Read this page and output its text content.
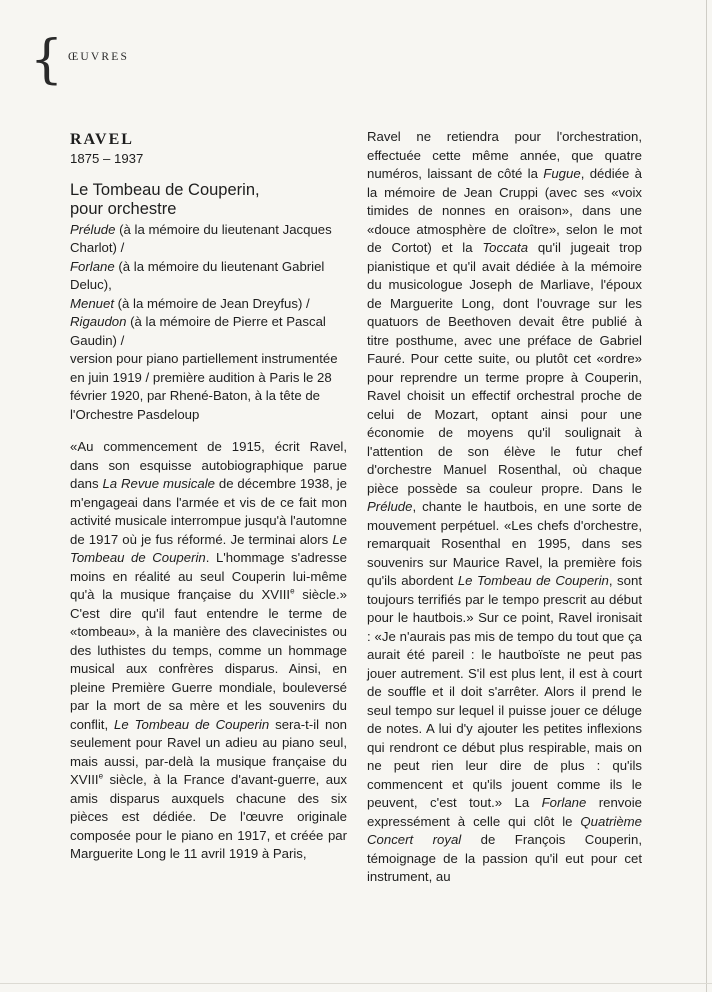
{ ŒUVRES
RAVEL
1875 – 1937
Le Tombeau de Couperin,
pour orchestre
Prélude (à la mémoire du lieutenant Jacques Charlot) /
Forlane (à la mémoire du lieutenant Gabriel Deluc),
Menuet (à la mémoire de Jean Dreyfus) /
Rigaudon (à la mémoire de Pierre et Pascal Gaudin) /
version pour piano partiellement instrumentée en juin 1919 / première audition à Paris le 28 février 1920, par Rhené-Baton, à la tête de l'Orchestre Pasdeloup

«Au commencement de 1915, écrit Ravel, dans son esquisse autobiographique parue dans La Revue musicale de décembre 1938, je m'engageai dans l'armée et vis de ce fait mon activité musicale interrompue jusqu'à l'automne de 1917 où je fus réformé. Je terminai alors Le Tombeau de Couperin. L'hommage s'adresse moins en réalité au seul Couperin lui-même qu'à la musique française du XVIIIe siècle.» C'est dire qu'il faut entendre le terme de «tombeau», à la manière des clavecinistes ou des luthistes du temps, comme un hommage musical aux confrères disparus. Ainsi, en pleine Première Guerre mondiale, bouleversé par la mort de sa mère et les souvenirs du conflit, Le Tombeau de Couperin sera-t-il non seulement pour Ravel un adieu au piano seul, mais aussi, par-delà la musique française du XVIIIe siècle, à la France d'avant-guerre, aux amis disparus auxquels chacune des six pièces est dédiée. De l'œuvre originale composée pour le piano en 1917, et créée par Marguerite Long le 11 avril 1919 à Paris,

Ravel ne retiendra pour l'orchestration, effectuée cette même année, que quatre numéros, laissant de côté la Fugue, dédiée à la mémoire de Jean Cruppi (avec ses «voix timides de nonnes en oraison», dans une «douce atmosphère de cloître», selon le mot de Cortot) et la Toccata qu'il jugeait trop pianistique et qu'il avait dédiée à la mémoire du musicologue Joseph de Marliave, l'époux de Marguerite Long, dont l'ouvrage sur les quatuors de Beethoven devait être publié à titre posthume, avec une préface de Gabriel Fauré. Pour cette suite, ou plutôt cet «ordre» pour reprendre un terme propre à Couperin, Ravel choisit un effectif orchestral proche de celui de Mozart, optant ainsi pour une économie de moyens qu'il soulignait à l'attention de son élève le futur chef d'orchestre Manuel Rosenthal, où chaque pièce possède sa couleur propre. Dans le Prélude, chante le hautbois, en une sorte de mouvement perpétuel. «Les chefs d'orchestre, remarquait Rosenthal en 1995, dans ses souvenirs sur Maurice Ravel, la première fois qu'ils abordent Le Tombeau de Couperin, sont toujours terrifiés par le tempo prescrit au début pour le hautbois.» Sur ce point, Ravel ironisait : «Je n'aurais pas mis de tempo du tout que ça aurait été pareil : le hautboïste ne peut pas jouer autrement. S'il est plus lent, il est à court de souffle et il doit s'arrêter. Alors il prend le seul tempo sur lequel il puisse jouer ce déluge de notes. A lui d'y ajouter les petites inflexions qui rendront ce début plus respirable, mais on ne peut rien leur dire de plus : qu'ils commencent et qu'ils jouent comme ils le peuvent, c'est tout.» La Forlane renvoie expressément à celle qui clôt le Quatrième Concert royal de François Couperin, témoignage de la passion qu'il eut pour cet instrument, au
